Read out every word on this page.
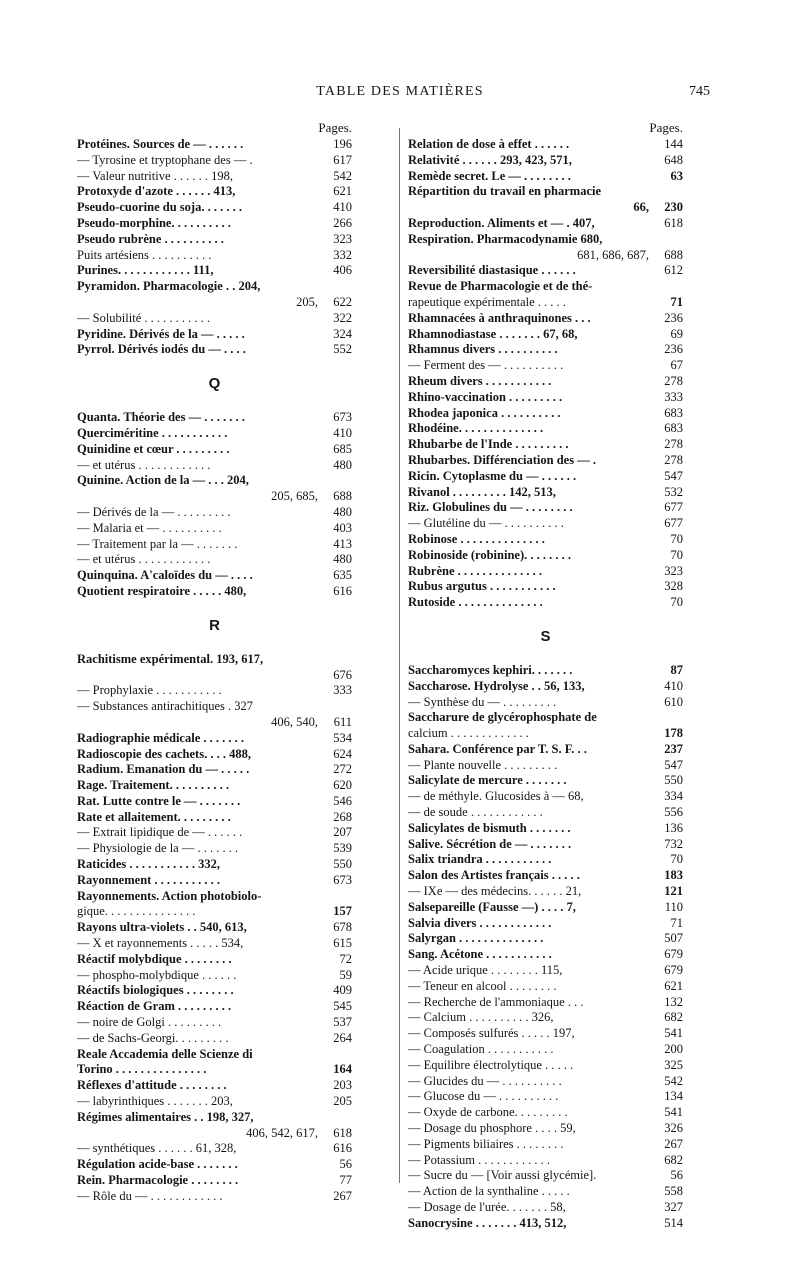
TABLE DES MATIÈRES	745
Pages.
Protéines. Sources de — . . . . . .	196
— Tyrosine et tryptophane des — .	617
— Valeur nutritive . . . . . . 198,	542
Protoxyde d'azote . . . . . . 413,	621
Pseudo-cuorine du soja. . . . . . .	410
Pseudo-morphine. . . . . . . . . .	266
Pseudo rubrène . . . . . . . . . .	323
Puits artésiens . . . . . . . . . .	332
Purines. . . . . . . . . . . . 111,	406
Pyramidon. Pharmacologie . . 204,
205,	622
— Solubilité . . . . . . . . . . .	322
Pyridine. Dérivés de la — . . . . .	324
Pyrrol. Dérivés iodés du — . . . .	552
Q
Quanta. Théorie des — . . . . . . .	673
Quercimériti​ne . . . . . . . . . . .	410
Quinidine et cœur . . . . . . . . .	685
— et utérus . . . . . . . . . . . .	480
Quinine. Action de la — . . . 204,
205, 685,	688
— Dérivés de la — . . . . . . . . .	480
— Malaria et — . . . . . . . . . .	403
— Traitement par la — . . . . . . .	413
— et utérus . . . . . . . . . . . .	480
Quinquina. A'caloïdes du — . . . .	635
Quotient respiratoire . . . . . 480,	616
R
Rachitisme expérimental. 193, 617,
676
— Prophylaxie . . . . . . . . . . .	333
— Substances antirachitiques . 327
406, 540,	611
Radiographie médicale . . . . . . .	534
Radioscopie des cachets. . . . 488,	624
Radium. Emanation du — . . . . .	272
Rage. Traitement. . . . . . . . . .	620
Rat. Lutte contre le — . . . . . . .	546
Rate et allaitement. . . . . . . . .	268
— Extrait lipidique de — . . . . . .	207
— Physiologie de la — . . . . . . .	539
Raticides . . . . . . . . . . . 332,	550
Rayonnement . . . . . . . . . . .	673
Rayonnements. Action photobiolo-
gique. . . . . . . . . . . . . . .	157
Rayons ultra-violets . . 540, 613,	678
— X et rayonnements . . . . . 534,	615
Réactif molybdique . . . . . . . .	72
— phospho-molybdique . . . . . .	59
Réactifs biologiques . . . . . . . .	409
Réaction de Gram . . . . . . . . .	545
— noire de Golgi . . . . . . . . .	537
— de Sachs-Georgi. . . . . . . . .	264
Reale Accademia delle Scienze di
Torino . . . . . . . . . . . . . . .	164
Réflexes d'attitude . . . . . . . .	203
— labyrinthiques . . . . . . . 203,	205
Régimes alimentaires . . 198, 327,
406, 542, 617,	618
— synthétiques . . . . . . 61, 328,	616
Régulation acide-base . . . . . . .	56
Rein. Pharmacologie . . . . . . . .	77
— Rôle du — . . . . . . . . . . . .	267
Pages.
Relation de dose à effet . . . . . .	144
Relativité . . . . . . 293, 423, 571,	648
Remède secret. Le — . . . . . . . .	63
Répartition du travail en pharmacie
66,	230
Reproduction. Aliments et — . 407,	618
Respiration. Pharmacodynamie 680,
681, 686, 687,	688
Reversibilité diastasique . . . . . .	612
Revue de Pharmacologie et de thé-
rapeutique expérimentale . . . . .	71
Rhamnacées à anthraquinones . . .	236
Rhamnodiastase . . . . . . . 67, 68,	69
Rhamnus divers . . . . . . . . . .	236
— Ferment des — . . . . . . . . . .	67
Rheum divers . . . . . . . . . . .	278
Rhino-vaccination . . . . . . . . .	333
Rhodea japonica . . . . . . . . . .	683
Rhodéine. . . . . . . . . . . . . .	683
Rhubarbe de l'Inde . . . . . . . . .	278
Rhubarbes. Différenciation des — .	278
Ricin. Cytoplasme du — . . . . . .	547
Rivanol . . . . . . . . . 142, 513,	532
Riz. Globulines du — . . . . . . . .	677
— Glutéline du — . . . . . . . . . .	677
Robinose . . . . . . . . . . . . . .	70
Robinoside (robinine). . . . . . . .	70
Rubrène . . . . . . . . . . . . . .	323
Rubus argutus . . . . . . . . . . .	328
Rutoside . . . . . . . . . . . . . .	70
S
Saccharomyces kephiri. . . . . . .	87
Saccharose. Hydrolyse . . 56, 133,	410
— Synthèse du — . . . . . . . . .	610
Saccharure de glycérophosphate de
calcium . . . . . . . . . . . . .	178
Sahara. Conférence par T. S. F. . .	237
— Plante nouvelle . . . . . . . . .	547
Salicylate de mercure . . . . . . .	550
— de méthyle. Glucosides à — 68,	334
— de soude . . . . . . . . . . . .	556
Salicylates de bismuth . . . . . . .	136
Salive. Sécrétion de — . . . . . . .	732
Salix triandra . . . . . . . . . . .	70
Salon des Artistes français . . . . .	183
— IXe — des médecins. . . . . . 21,	121
Salsepareille (Fausse —) . . . . 7,	110
Salvia divers . . . . . . . . . . . .	71
Salyrgan . . . . . . . . . . . . . .	507
Sang. Acétone . . . . . . . . . . .	679
— Acide urique . . . . . . . . 115,	679
— Teneur en alcool . . . . . . . .	621
— Recherche de l'ammoniaque . . .	132
— Calcium . . . . . . . . . . 326,	682
— Composés sulfurés . . . . . 197,	541
— Coagulation . . . . . . . . . . .	200
— Equilibre électrolytique . . . . .	325
— Glucides du — . . . . . . . . . .	542
— Glucose du — . . . . . . . . . .	134
— Oxyde de carbone. . . . . . . . .	541
— Dosage du phosphore . . . . 59,	326
— Pigments biliaires . . . . . . . .	267
— Potassium . . . . . . . . . . . .	682
— Sucre du — [Voir aussi glycémie].	56
— Action de la synthaline . . . . .	558
— Dosage de l'urée. . . . . . . 58,	327
Sanocrysine . . . . . . . 413, 512,	514
